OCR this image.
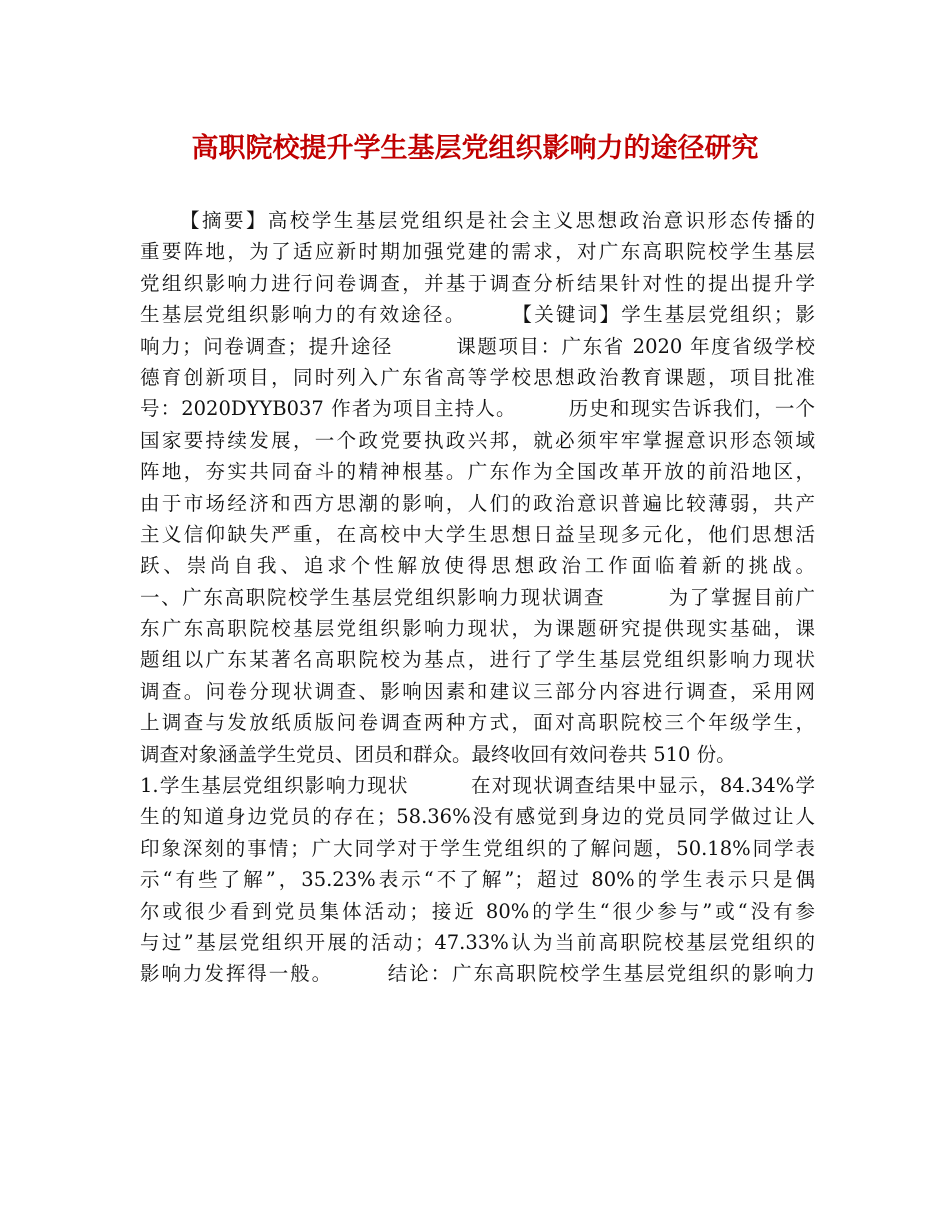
高职院校提升学生基层党组织影响力的途径研究
【摘要】高校学生基层党组织是社会主义思想政治意识形态传播的
重要阵地，为了适应新时期加强党建的需求，对广东高职院校学生基层
党组织影响力进行问卷调查，并基于调查分析结果针对性的提出提升学
生基层党组织影响力的有效途径。　　　【关键词】学生基层党组织；影
响力；问卷调查；提升途径　　　课题项目：广东省 2020 年度省级学校
德育创新项目，同时列入广东省高等学校思想政治教育课题，项目批准
号：2020DYYB037 作者为项目主持人。　　　历史和现实告诉我们，一个
国家要持续发展，一个政党要执政兴邦，就必须牢牢掌握意识形态领域
阵地，夯实共同奋斗的精神根基。广东作为全国改革开放的前沿地区，
由于市场经济和西方思潮的影响，人们的政治意识普遍比较薄弱，共产
主义信仰缺失严重，在高校中大学生思想日益呈现多元化，他们思想活
跃、崇尚自我、追求个性解放使得思想政治工作面临着新的挑战。
一、广东高职院校学生基层党组织影响力现状调查　　　为了掌握目前广
东广东高职院校基层党组织影响力现状，为课题研究提供现实基础，课
题组以广东某著名高职院校为基点，进行了学生基层党组织影响力现状
调查。问卷分现状调查、影响因素和建议三部分内容进行调查，采用网
上调查与发放纸质版问卷调查两种方式，面对高职院校三个年级学生，
调查对象涵盖学生党员、团员和群众。最终收回有效问卷共 510 份。
1.学生基层党组织影响力现状　　　在对现状调查结果中显示，84.34%学
生的知道身边党员的存在；58.36%没有感觉到身边的党员同学做过让人
印象深刻的事情；广大同学对于学生党组织的了解问题，50.18%同学表
示“有些了解”，35.23%表示“不了解”；超过 80%的学生表示只是偶
尔或很少看到党员集体活动；接近 80%的学生“很少参与”或“没有参
与过”基层党组织开展的活动；47.33%认为当前高职院校基层党组织的
影响力发挥得一般。　　　结论：广东高职院校学生基层党组织的影响力
